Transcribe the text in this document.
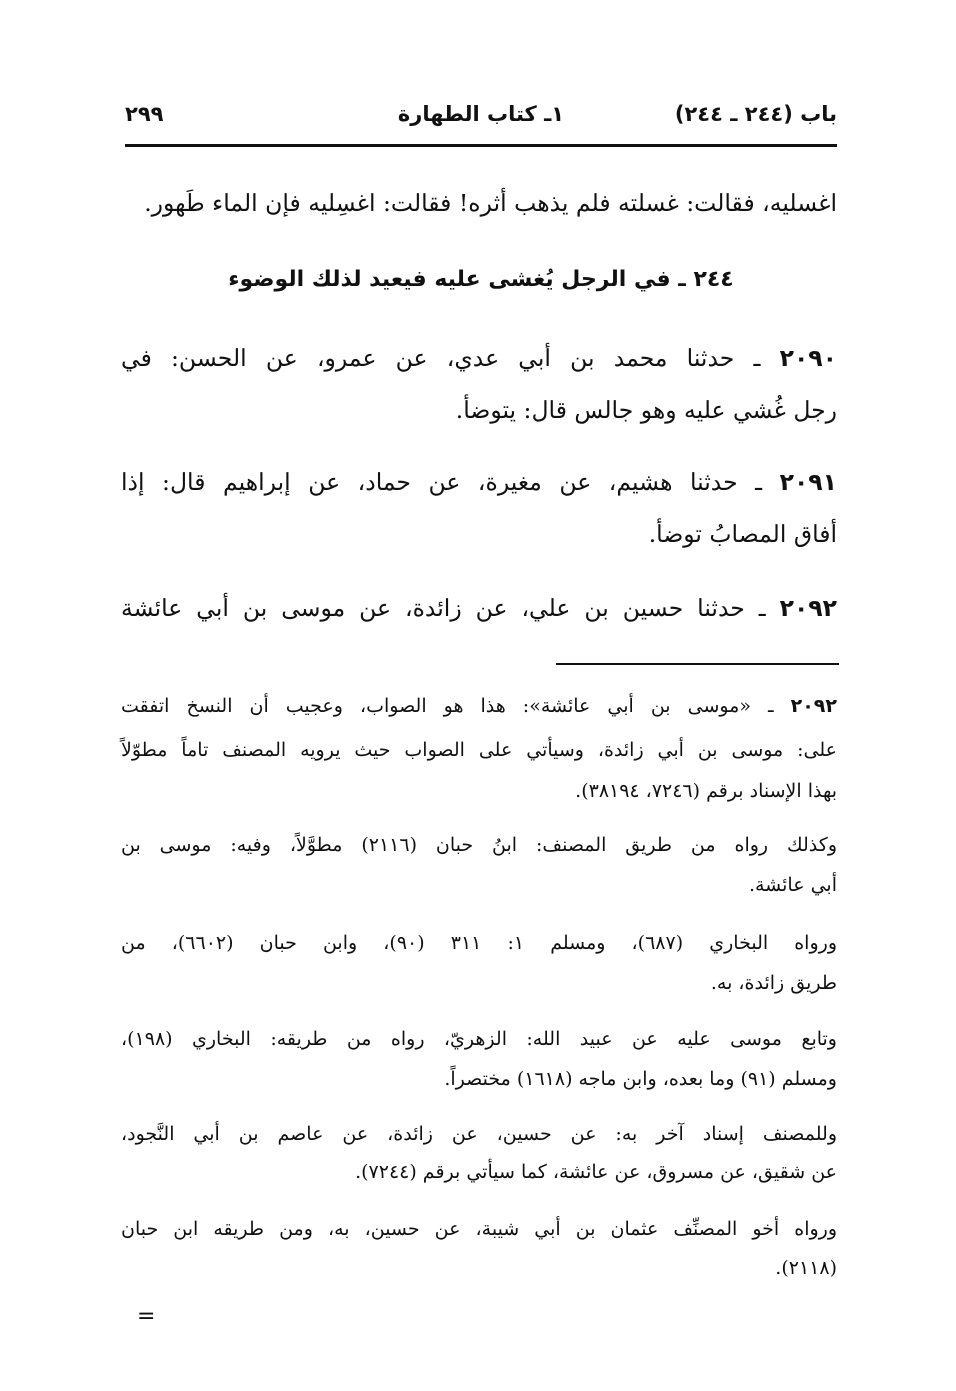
باب (٢٤٤ ـ ٢٤٤)
١ـ كتاب الطهارة
٢٩٩
اغسليه، فقالت: غسلته فلم يذهب أثره! فقالت: اغسِليه فإن الماء طَهور.
٢٤٤ ـ في الرجل يُغشى عليه فيعيد لذلك الوضوء
٢٠٩٠ ـ حدثنا محمد بن أبي عدي، عن عمرو، عن الحسن: في
رجل غُشي عليه وهو جالس قال: يتوضأ.
٢٠٩١ ـ حدثنا هشيم، عن مغيرة، عن حماد، عن إبراهيم قال: إذا
أفاق المصابُ توضأ.
٢٠٩٢ ـ حدثنا حسين بن علي، عن زائدة، عن موسى بن أبي عائشة
٢٠٩٢ ـ «موسى بن أبي عائشة»: هذا هو الصواب، وعجيب أن النسخ اتفقت
على: موسى بن أبي زائدة، وسيأتي على الصواب حيث يرويه المصنف تاماً مطوّلاً
بهذا الإسناد برقم (٧٢٤٦، ٣٨١٩٤).
وكذلك رواه من طريق المصنف: ابنُ حبان (٢١١٦) مطوَّلاً، وفيه: موسى بن
أبي عائشة.
ورواه البخاري (٦٨٧)، ومسلم ١: ٣١١ (٩٠)، وابن حبان (٦٦٠٢)، من
طريق زائدة، به.
وتابع موسى عليه عن عبيد الله: الزهريّ، رواه من طريقه: البخاري (١٩٨)،
ومسلم (٩١) وما بعده، وابن ماجه (١٦١٨) مختصراً.
وللمصنف إسناد آخر به: عن حسين، عن زائدة، عن عاصم بن أبي النَّجود،
عن شقيق، عن مسروق، عن عائشة، كما سيأتي برقم (٧٢٤٤).
ورواه أخو المصنِّف عثمان بن أبي شيبة، عن حسين، به، ومن طريقه ابن حبان
(٢١١٨).
=
